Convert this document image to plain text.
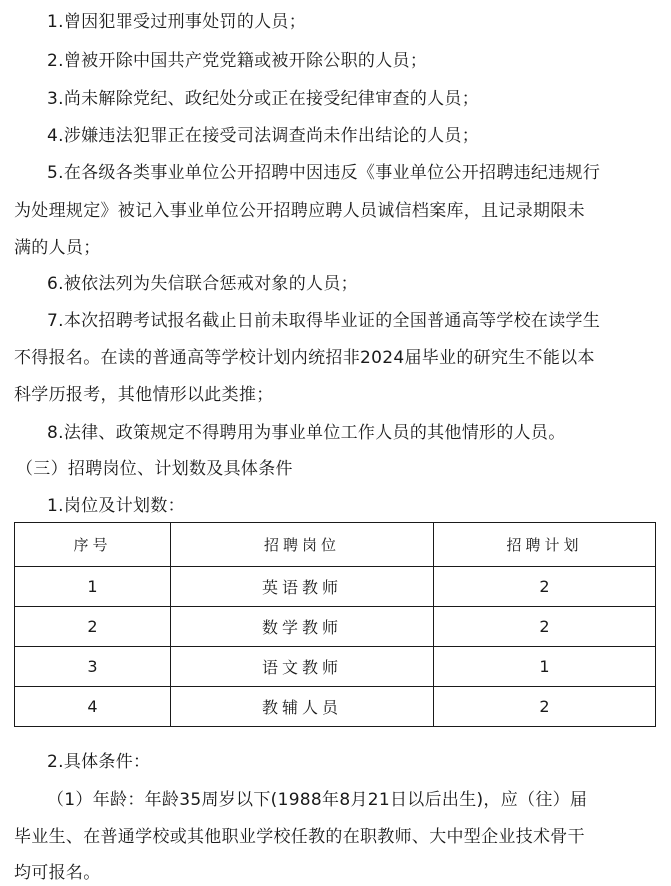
1.曾因犯罪受过刑事处罚的人员；
2.曾被开除中国共产党党籍或被开除公职的人员；
3.尚未解除党纪、政纪处分或正在接受纪律审查的人员；
4.涉嫌违法犯罪正在接受司法调查尚未作出结论的人员；
5.在各级各类事业单位公开招聘中因违反《事业单位公开招聘违纪违规行
为处理规定》被记入事业单位公开招聘应聘人员诚信档案库，且记录期限未
满的人员；
6.被依法列为失信联合惩戒对象的人员；
7.本次招聘考试报名截止日前未取得毕业证的全国普通高等学校在读学生
不得报名。在读的普通高等学校计划内统招非2024届毕业的研究生不能以本
科学历报考，其他情形以此类推；
8.法律、政策规定不得聘用为事业单位工作人员的其他情形的人员。
（三）招聘岗位、计划数及具体条件
1.岗位及计划数：
序号	招聘岗位	招聘计划
1	英语教师	2
2	数学教师	2
3	语文教师	1
4	教辅人员	2
2.具体条件：
（1）年龄：年龄35周岁以下(1988年8月21日以后出生)，应（往）届
毕业生、在普通学校或其他职业学校任教的在职教师、大中型企业技术骨干
均可报名。
